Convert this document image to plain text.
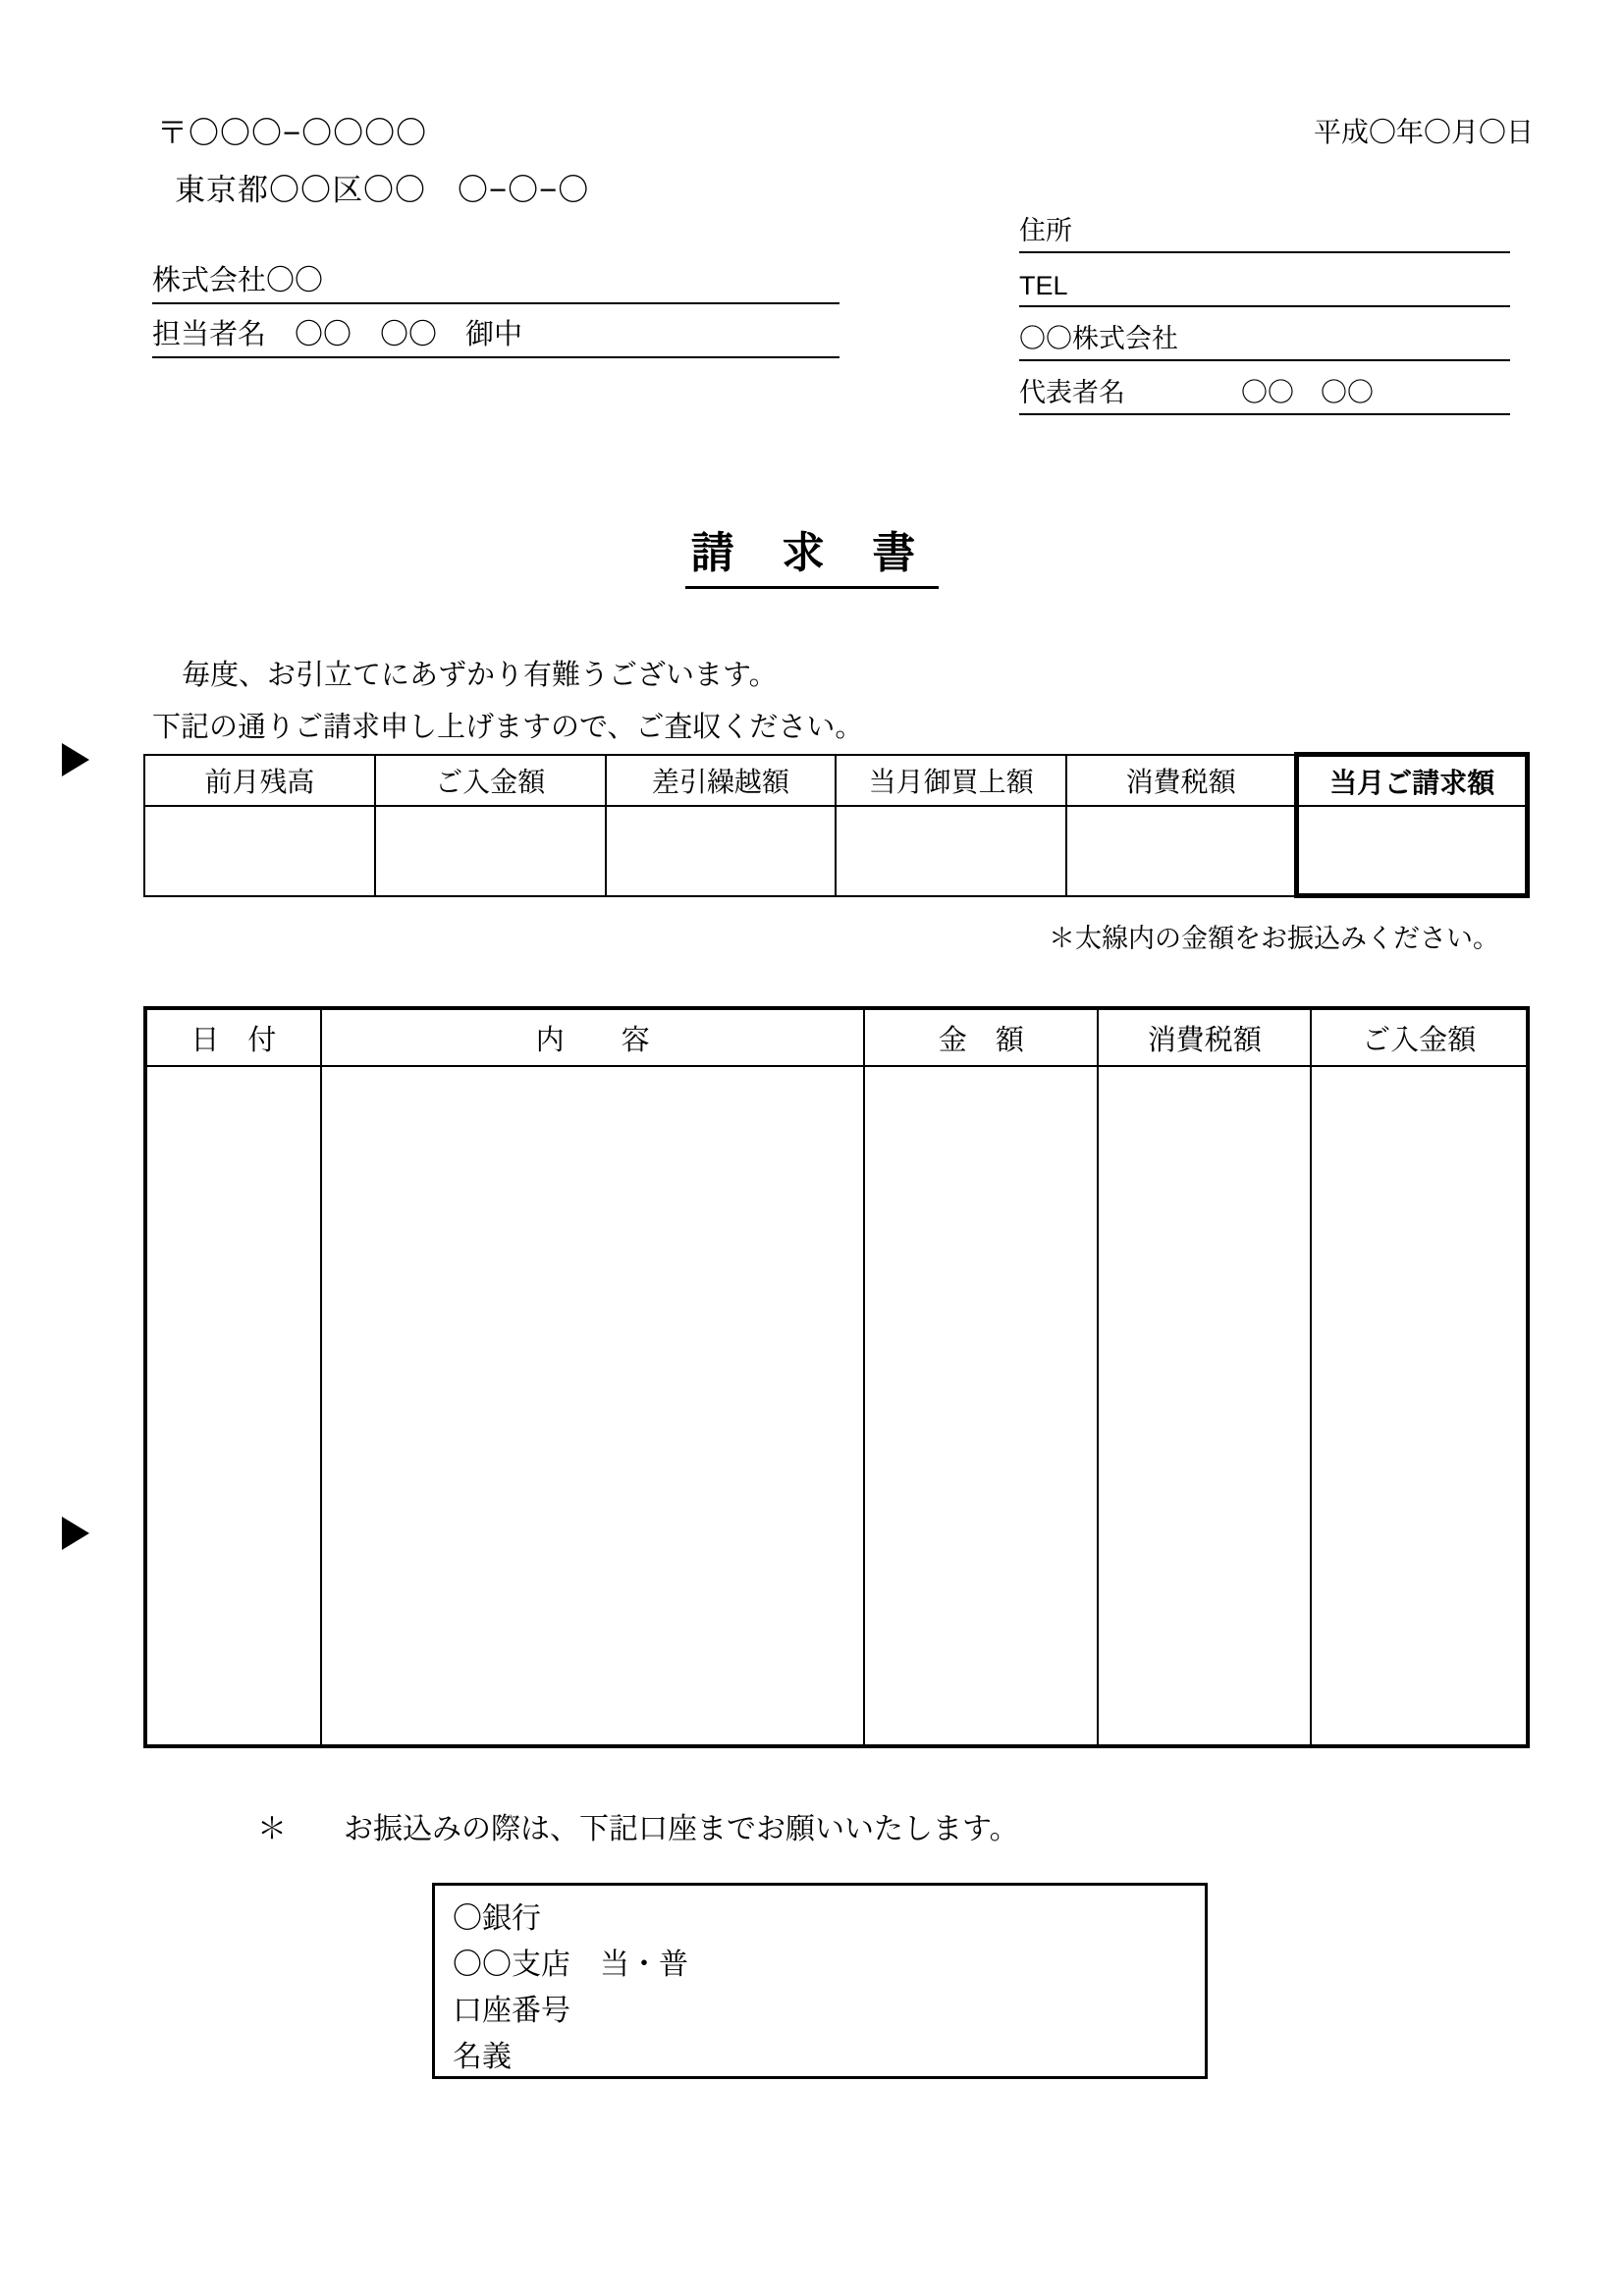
〒〇〇〇−〇〇〇〇
東京都〇〇区〇〇　〇−〇−〇
平成〇年〇月〇日
株式会社〇〇
担当者名　〇〇　〇〇　御中
住所
TEL
〇〇株式会社
代表者名	〇〇　〇〇
請 求 書
毎度、お引立てにあずかり有難うございます。
下記の通りご請求申し上げますので、ご査収ください。
前月残高	ご入金額	差引繰越額	当月御買上額	消費税額	当月ご請求額

＊太線内の金額をお振込みください。
日　付	内　　容	金　額	消費税額	ご入金額

＊ お振込みの際は、下記口座までお願いいたします。
〇銀行
〇〇支店　当・普
口座番号
名義
